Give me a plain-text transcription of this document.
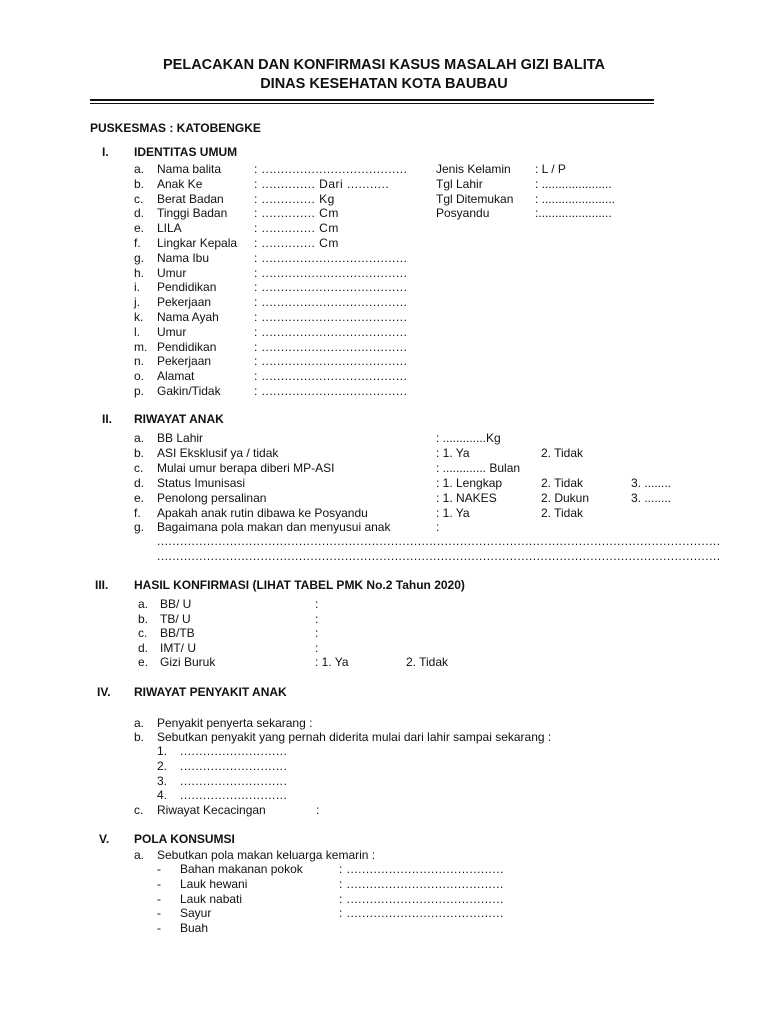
PELACAKAN DAN KONFIRMASI KASUS MASALAH GIZI BALITA
DINAS KESEHATAN KOTA BAUBAU
PUSKESMAS : KATOBENGKE
I. IDENTITAS UMUM
a. Nama balita	: ...................................... Jenis Kelamin : L / P
b. Anak Ke	: .............. Dari ...........	Tgl Lahir	: .....................
c. Berat Badan	: .............. Kg	Tgl Ditemukan : ......................
d. Tinggi Badan : .............. Cm	Posyandu	:......................
e. LILA	: .............. Cm
f. Lingkar Kepala : .............. Cm
g. Nama Ibu	: ......................................
h. Umur	: ......................................
i. Pendidikan	: ......................................
j. Pekerjaan	: ......................................
k. Nama Ayah	: ......................................
l. Umur	: ......................................
m. Pendidikan	: ......................................
n. Pekerjaan	: ......................................
o. Alamat	: ......................................
p. Gakin/Tidak	: ......................................
II. RIWAYAT ANAK
a. BB Lahir	: .............Kg
b. ASI Eksklusif ya / tidak	: 1. Ya	2. Tidak
c. Mulai umur berapa diberi MP-ASI	: ............. Bulan
d. Status Imunisasi	: 1. Lengkap	2. Tidak	3. ........
e. Penolong persalinan	: 1. NAKES	2. Dukun	3. ........
f. Apakah anak rutin dibawa ke Posyandu	: 1. Ya	2. Tidak
g. Bagaimana pola makan dan menyusui anak	:
...................................................................................................................................................
...................................................................................................................................................
III. HASIL KONFIRMASI (LIHAT TABEL PMK No.2 Tahun 2020)
a. BB/ U	:
b. TB/ U	:
c. BB/TB	:
d. IMT/ U	:
e. Gizi Buruk	: 1. Ya	2. Tidak
IV. RIWAYAT PENYAKIT ANAK
a. Penyakit penyerta sekarang :
b. Sebutkan penyakit yang pernah diderita mulai dari lahir sampai sekarang :
1. ............................
2. ............................
3. ............................
4. ............................
c. Riwayat Kecacingan	:
V. POLA KONSUMSI
a. Sebutkan pola makan keluarga kemarin :
- Bahan makanan pokok	: .........................................
- Lauk hewani	: .........................................
- Lauk nabati	: .........................................
- Sayur	: .........................................
- Buah
